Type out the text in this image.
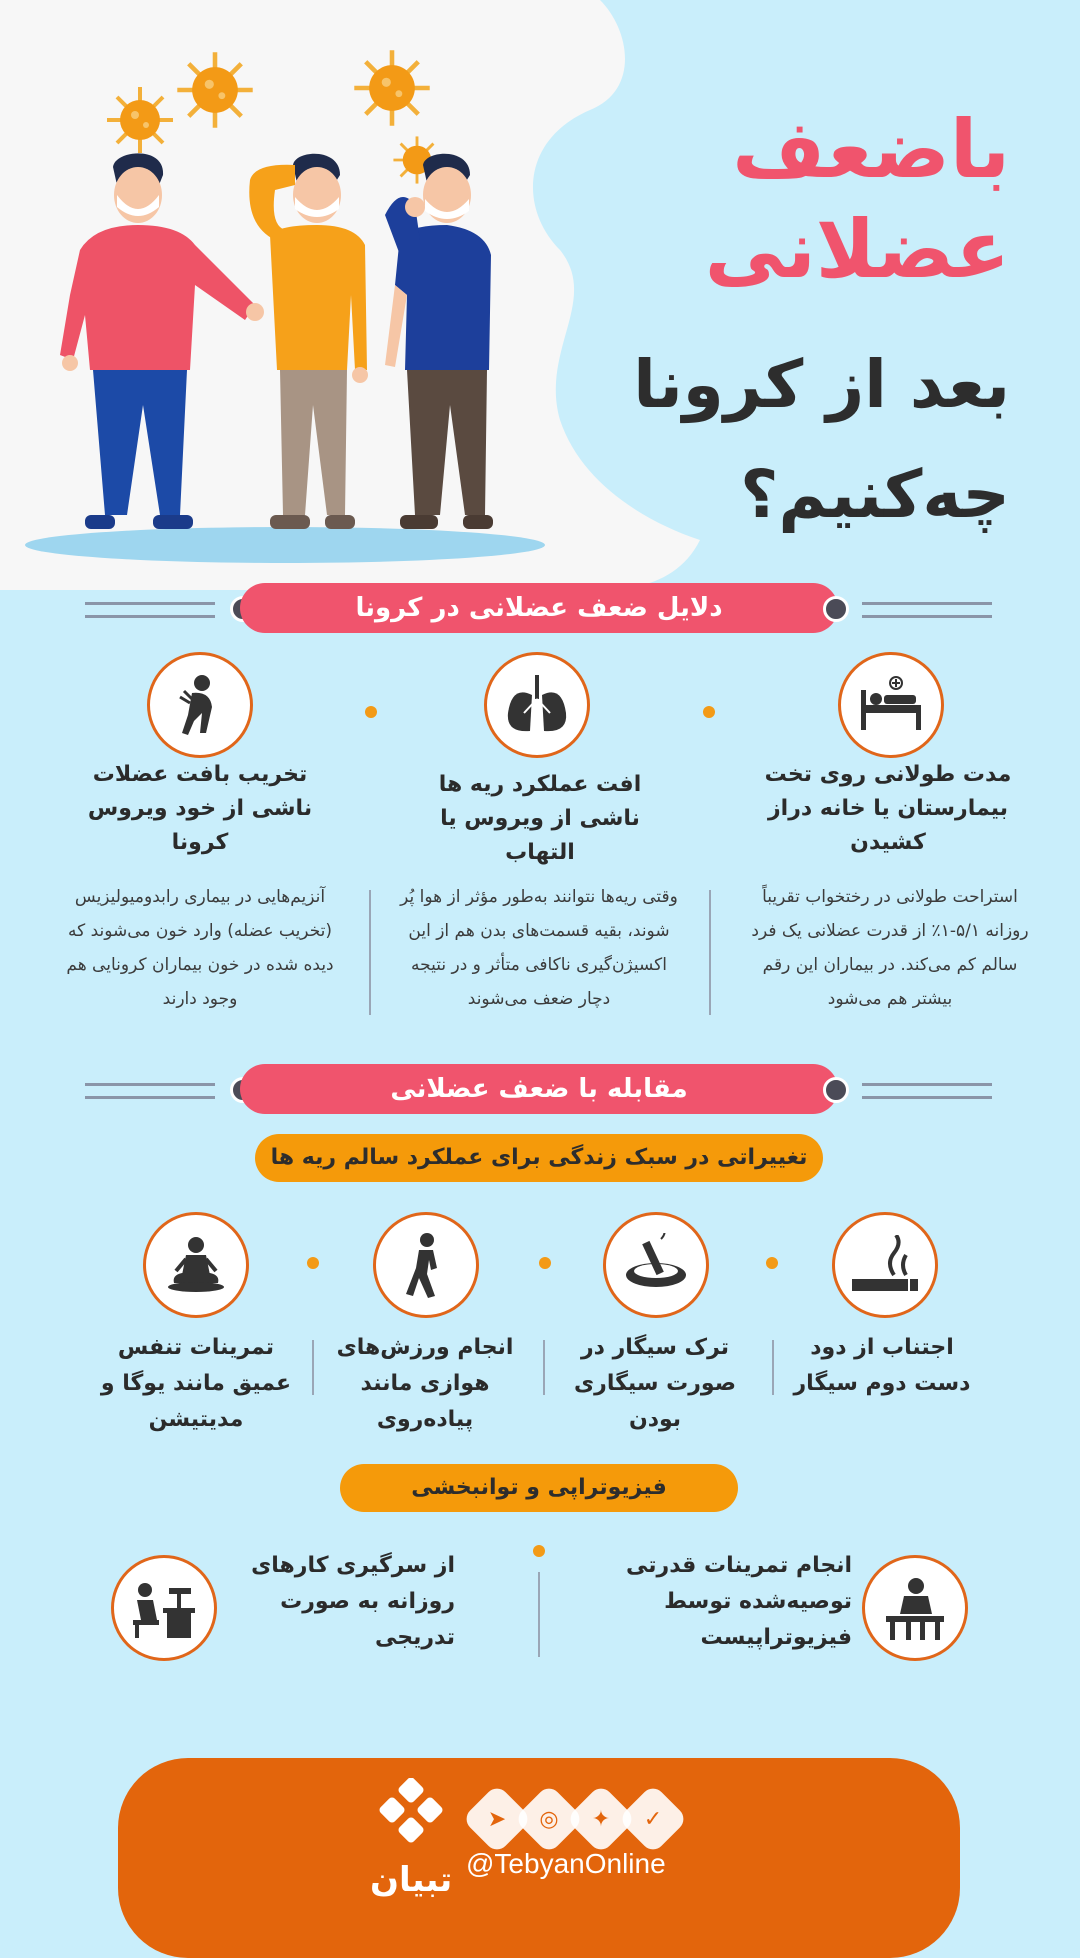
باضعف
عضلانی
بعد از کرونا
چه‌کنیم؟
دلایل ضعف عضلانی در کرونا
مدت طولانی روی تخت بیمارستان یا خانه دراز کشیدن
افت عملکرد ریه ها ناشی از ویروس یا التهاب
تخریب بافت عضلات ناشی از خود ویروس کرونا
استراحت طولانی در رختخواب تقریباً روزانه ۵/۱-۱٪ از قدرت عضلانی یک فرد سالم کم می‌کند. در بیماران این رقم بیشتر هم می‌شود
وقتی ریه‌ها نتوانند به‌طور مؤثر از هوا پُر شوند، بقیه قسمت‌های بدن هم از این اکسیژن‌گیری ناکافی متأثر و در نتیجه دچار ضعف می‌شوند
آنزیم‌هایی در بیماری رابدومیولیزیس (تخریب عضله) وارد خون می‌شوند که دیده شده در خون بیماران کرونایی هم وجود دارند
مقابله با ضعف عضلانی
تغییراتی در سبک زندگی برای عملکرد سالم ریه ها
اجتناب از دود دست دوم سیگار
ترک سیگار در صورت سیگاری بودن
انجام ورزش‌های هوازی مانند پیاده‌روی
تمرینات تنفس عمیق مانند یوگا و مدیتیشن
فیزیوتراپی و توانبخشی
انجام تمرینات قدرتی توصیه‌شده توسط فیزیوتراپیست
از سرگیری کارهای روزانه به صورت تدریجی
تبیان
➤	◎	✦	✓
@TebyanOnline
